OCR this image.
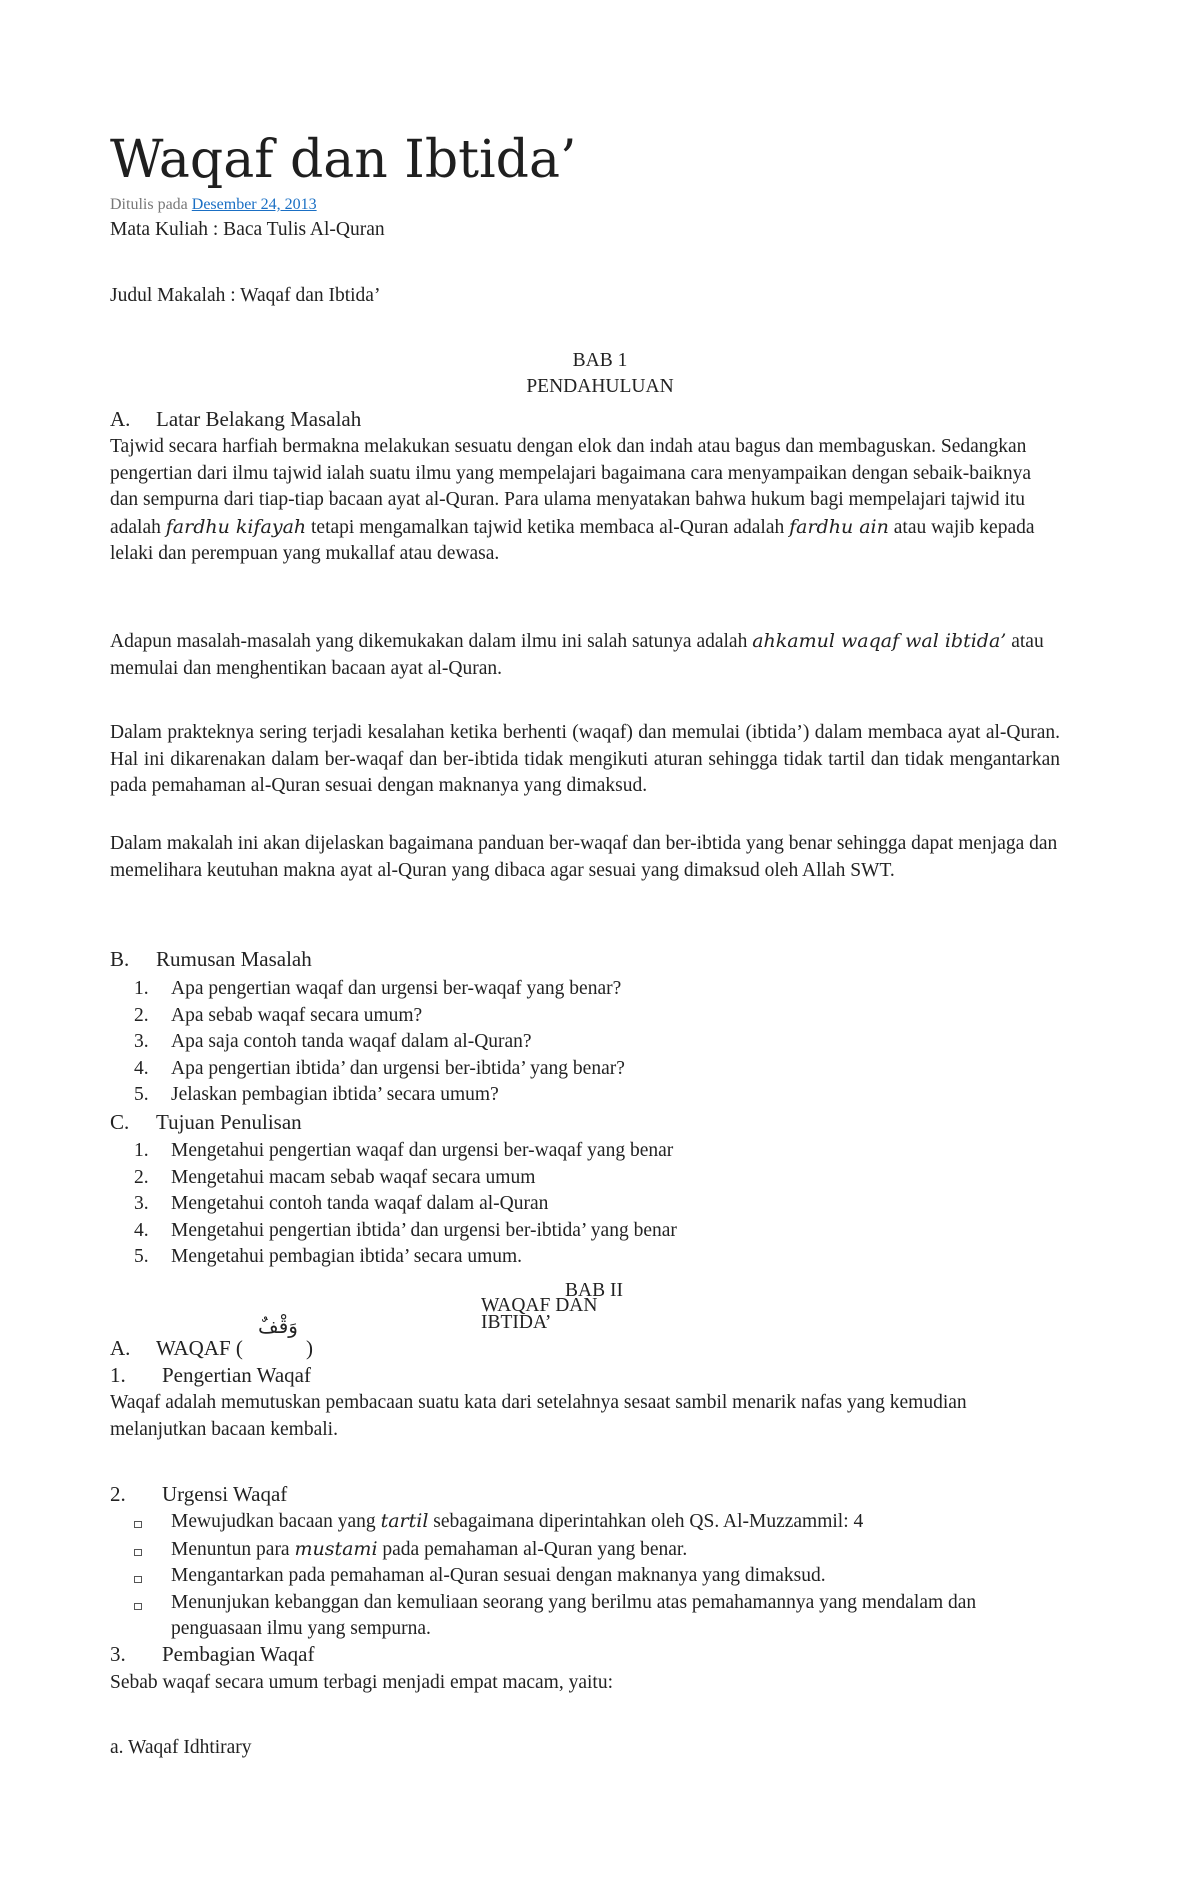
Waqaf dan Ibtida’
Ditulis pada Desember 24, 2013
Mata Kuliah : Baca Tulis Al-Quran
Judul Makalah : Waqaf dan Ibtida’
BAB 1
PENDAHULUAN
A. Latar Belakang Masalah
Tajwid secara harfiah bermakna melakukan sesuatu dengan elok dan indah atau bagus dan membaguskan. Sedangkan pengertian dari ilmu tajwid ialah suatu ilmu yang mempelajari bagaimana cara menyampaikan dengan sebaik-baiknya dan sempurna dari tiap-tiap bacaan ayat al-Quran. Para ulama menyatakan bahwa hukum bagi mempelajari tajwid itu adalah fardhu kifayah tetapi mengamalkan tajwid ketika membaca al-Quran adalah fardhu ain atau wajib kepada lelaki dan perempuan yang mukallaf atau dewasa.
Adapun masalah-masalah yang dikemukakan dalam ilmu ini salah satunya adalah ahkamul waqaf wal ibtida’ atau memulai dan menghentikan bacaan ayat al-Quran.
Dalam prakteknya sering terjadi kesalahan ketika berhenti (waqaf) dan memulai (ibtida’) dalam membaca ayat al-Quran. Hal ini dikarenakan dalam ber-waqaf dan ber-ibtida tidak mengikuti aturan sehingga tidak tartil dan tidak mengantarkan pada pemahaman al-Quran sesuai dengan maknanya yang dimaksud.
Dalam makalah ini akan dijelaskan bagaimana panduan ber-waqaf dan ber-ibtida yang benar sehingga dapat menjaga dan memelihara keutuhan makna ayat al-Quran yang dibaca agar sesuai yang dimaksud oleh Allah SWT.
B. Rumusan Masalah
1. Apa pengertian waqaf dan urgensi ber-waqaf yang benar?
2. Apa sebab waqaf secara umum?
3. Apa saja contoh tanda waqaf dalam al-Quran?
4. Apa pengertian ibtida’ dan urgensi ber-ibtida’ yang benar?
5. Jelaskan pembagian ibtida’ secara umum?
C. Tujuan Penulisan
1. Mengetahui pengertian waqaf dan urgensi ber-waqaf yang benar
2. Mengetahui macam sebab waqaf secara umum
3. Mengetahui contoh tanda waqaf dalam al-Quran
4. Mengetahui pengertian ibtida’ dan urgensi ber-ibtida’ yang benar
5. Mengetahui pembagian ibtida’ secara umum.
BAB II
WAQAF DAN
IBTIDA’
A. WAQAF (
وَقْفٌ
)
1. Pengertian Waqaf
Waqaf adalah memutuskan pembacaan suatu kata dari setelahnya sesaat sambil menarik nafas yang kemudian melanjutkan bacaan kembali.
2. Urgensi Waqaf
Mewujudkan bacaan yang tartil sebagaimana diperintahkan oleh QS. Al-Muzzammil: 4
Menuntun para mustami pada pemahaman al-Quran yang benar.
Mengantarkan pada pemahaman al-Quran sesuai dengan maknanya yang dimaksud.
Menunjukan kebanggan dan kemuliaan seorang yang berilmu atas pemahamannya yang mendalam dan penguasaan ilmu yang sempurna.
3. Pembagian Waqaf
Sebab waqaf secara umum terbagi menjadi empat macam, yaitu:
a. Waqaf Idhtirary
